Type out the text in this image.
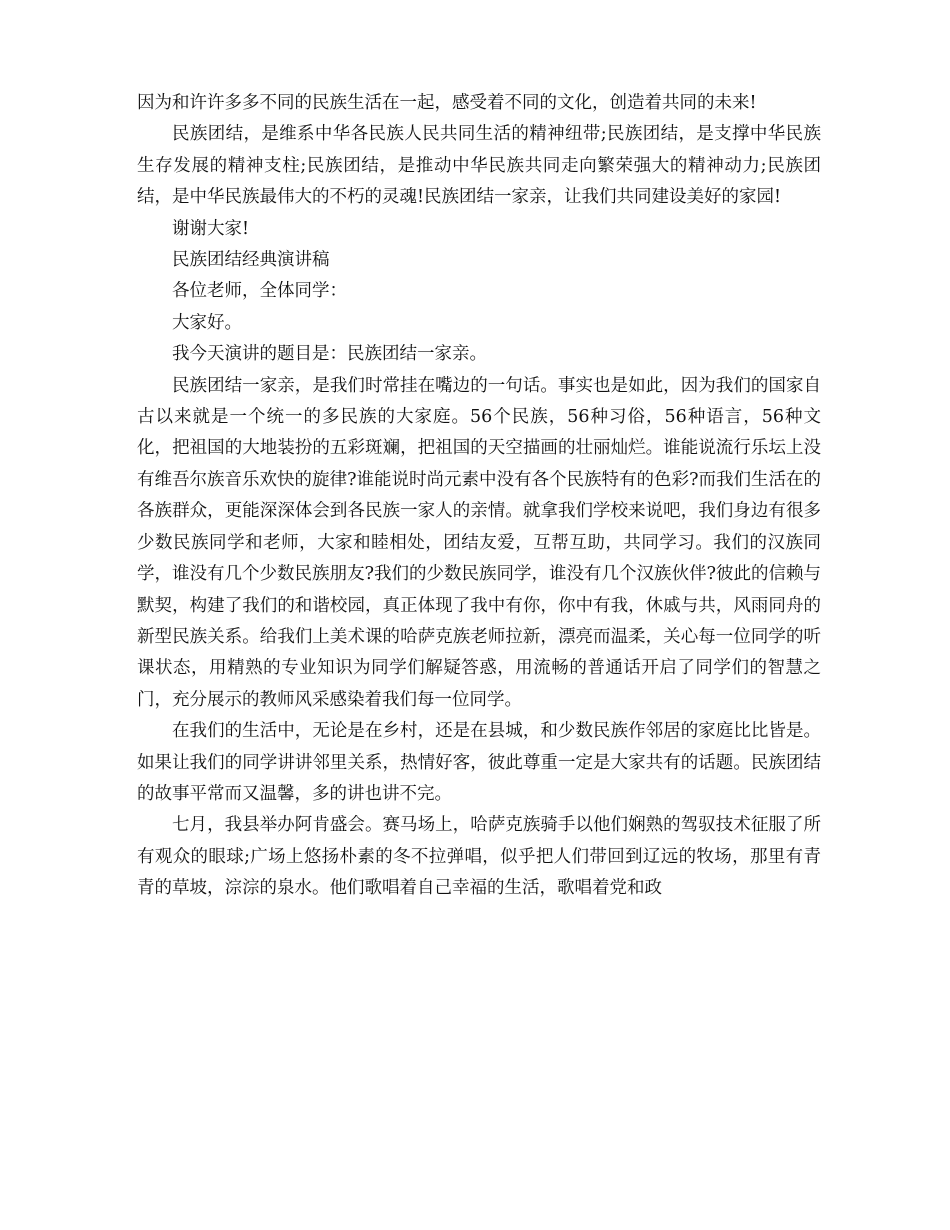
因为和许许多多不同的民族生活在一起，感受着不同的文化，创造着共同的未来!

民族团结，是维系中华各民族人民共同生活的精神纽带;民族团结，是支撑中华民族生存发展的精神支柱;民族团结，是推动中华民族共同走向繁荣强大的精神动力;民族团结，是中华民族最伟大的不朽的灵魂!民族团结一家亲，让我们共同建设美好的家园!

谢谢大家!

民族团结经典演讲稿

各位老师，全体同学：

大家好。

我今天演讲的题目是：民族团结一家亲。

民族团结一家亲，是我们时常挂在嘴边的一句话。事实也是如此，因为我们的国家自古以来就是一个统一的多民族的大家庭。56个民族，56种习俗，56种语言，56种文化，把祖国的大地装扮的五彩斑斓，把祖国的天空描画的壮丽灿烂。谁能说流行乐坛上没有维吾尔族音乐欢快的旋律?谁能说时尚元素中没有各个民族特有的色彩?而我们生活在的各族群众，更能深深体会到各民族一家人的亲情。就拿我们学校来说吧，我们身边有很多少数民族同学和老师，大家和睦相处，团结友爱，互帮互助，共同学习。我们的汉族同学，谁没有几个少数民族朋友?我们的少数民族同学，谁没有几个汉族伙伴?彼此的信赖与默契，构建了我们的和谐校园，真正体现了我中有你，你中有我，休戚与共，风雨同舟的新型民族关系。给我们上美术课的哈萨克族老师拉新，漂亮而温柔，关心每一位同学的听课状态，用精熟的专业知识为同学们解疑答惑，用流畅的普通话开启了同学们的智慧之门，充分展示的教师风采感染着我们每一位同学。

在我们的生活中，无论是在乡村，还是在县城，和少数民族作邻居的家庭比比皆是。如果让我们的同学讲讲邻里关系，热情好客，彼此尊重一定是大家共有的话题。民族团结的故事平常而又温馨，多的讲也讲不完。

七月，我县举办阿肯盛会。赛马场上，哈萨克族骑手以他们娴熟的驾驭技术征服了所有观众的眼球;广场上悠扬朴素的冬不拉弹唱，似乎把人们带回到辽远的牧场，那里有青青的草坡，淙淙的泉水。他们歌唱着自己幸福的生活，歌唱着党和政
